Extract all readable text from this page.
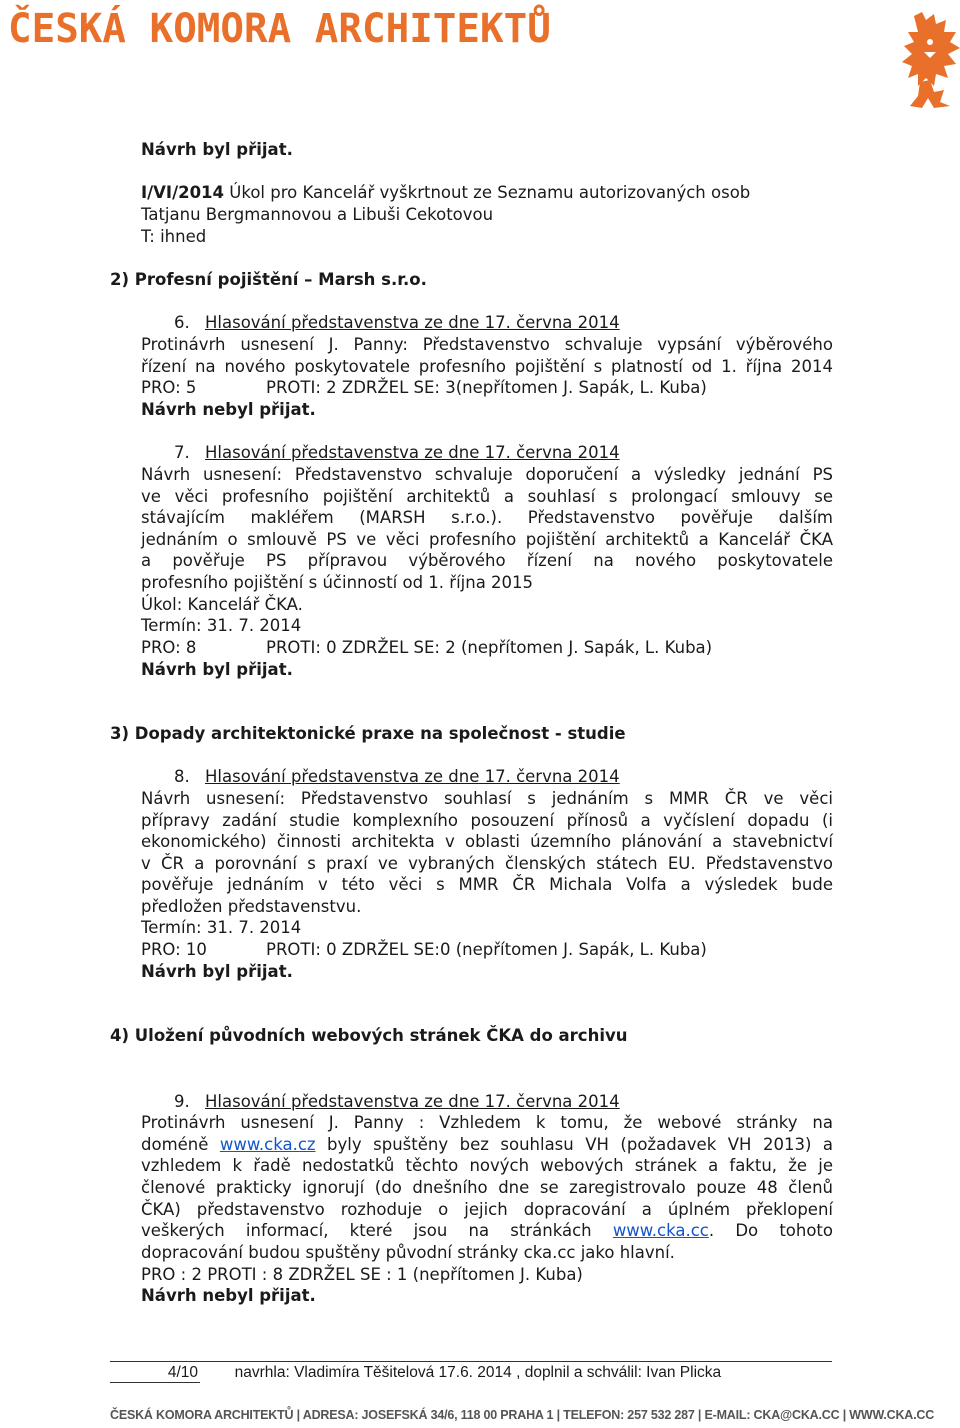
ČESKÁ KOMORA ARCHITEKTŮ
Návrh byl přijat.
I/VI/2014 Úkol pro Kancelář vyškrtnout ze Seznamu autorizovaných osob
Tatjanu Bergmannovou a Libuši Cekotovou
T: ihned
2) Profesní pojištění – Marsh s.r.o.
6. Hlasování představenstva ze dne 17. června 2014
Protinávrh usnesení J. Panny: Představenstvo schvaluje vypsání výběrového
řízení na nového poskytovatele profesního pojištění s platností od 1. října 2014
PRO: 5	PROTI: 2 ZDRŽEL SE: 3(nepřítomen J. Sapák, L. Kuba)
Návrh nebyl přijat.
7. Hlasování představenstva ze dne 17. června 2014
Návrh usnesení: Představenstvo schvaluje doporučení a výsledky jednání PS
ve věci profesního pojištění architektů a souhlasí s prolongací smlouvy se
stávajícím makléřem (MARSH s.r.o.). Představenstvo pověřuje dalším
jednáním o smlouvě PS ve věci profesního pojištění architektů a Kancelář ČKA
a pověřuje PS přípravou výběrového řízení na nového poskytovatele
profesního pojištění s účinností od 1. října 2015
Úkol: Kancelář ČKA.
Termín: 31. 7. 2014
PRO: 8	PROTI: 0 ZDRŽEL SE: 2 (nepřítomen J. Sapák, L. Kuba)
Návrh byl přijat.
3) Dopady architektonické praxe na společnost - studie
8. Hlasování představenstva ze dne 17. června 2014
Návrh usnesení: Představenstvo souhlasí s jednáním s MMR ČR ve věci
přípravy zadání studie komplexního posouzení přínosů a vyčíslení dopadu (i
ekonomického) činnosti architekta v oblasti územního plánování a stavebnictví
v ČR a porovnání s praxí ve vybraných členských státech EU. Představenstvo
pověřuje jednáním v této věci s MMR ČR Michala Volfa a výsledek bude
předložen představenstvu.
Termín: 31. 7. 2014
PRO: 10	PROTI: 0 ZDRŽEL SE:0 (nepřítomen J. Sapák, L. Kuba)
Návrh byl přijat.
4) Uložení původních webových stránek ČKA do archivu
9. Hlasování představenstva ze dne 17. června 2014
Protinávrh usnesení J. Panny : Vzhledem k tomu, že webové stránky na
doméně www.cka.cz byly spuštěny bez souhlasu VH (požadavek VH 2013) a
vzhledem k řadě nedostatků těchto nových webových stránek a faktu, že je
členové prakticky ignorují (do dnešního dne se zaregistrovalo pouze 48 členů
ČKA) představenstvo rozhoduje o jejich dopracování a úplném překlopení
veškerých informací, které jsou na stránkách www.cka.cc. Do tohoto
dopracování budou spuštěny původní stránky cka.cc jako hlavní.
PRO : 2 PROTI : 8 ZDRŽEL SE : 1 (nepřítomen J. Kuba)
Návrh nebyl přijat.
4/10 navrhla: Vladimíra Těšitelová 17.6. 2014 , doplnil a schválil: Ivan Plicka
ČESKÁ KOMORA ARCHITEKTŮ | ADRESA: JOSEFSKÁ 34/6, 118 00 PRAHA 1 | TELEFON: 257 532 287 | E-MAIL: CKA@CKA.CC | WWW.CKA.CC
